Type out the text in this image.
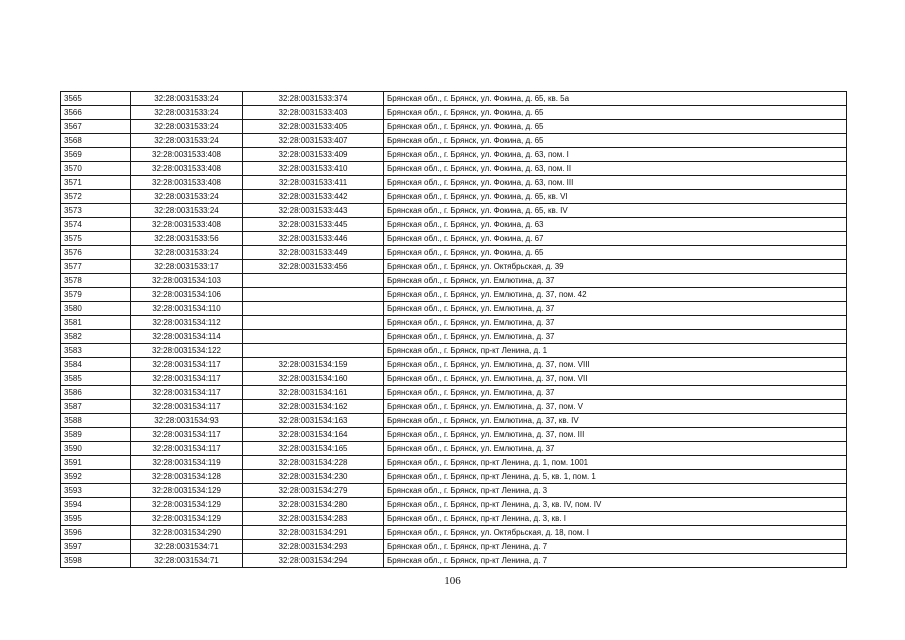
3565	32:28:0031533:24	32:28:0031533:374	Брянская обл., г. Брянск, ул. Фокина, д. 65, кв. 5а
3566	32:28:0031533:24	32:28:0031533:403	Брянская обл., г. Брянск, ул. Фокина, д. 65
3567	32:28:0031533:24	32:28:0031533:405	Брянская обл., г. Брянск, ул. Фокина, д. 65
3568	32:28:0031533:24	32:28:0031533:407	Брянская обл., г. Брянск, ул. Фокина, д. 65
3569	32:28:0031533:408	32:28:0031533:409	Брянская обл., г. Брянск, ул. Фокина, д. 63, пом. I
3570	32:28:0031533:408	32:28:0031533:410	Брянская обл., г. Брянск, ул. Фокина, д. 63, пом. II
3571	32:28:0031533:408	32:28:0031533:411	Брянская обл., г. Брянск, ул. Фокина, д. 63, пом. III
3572	32:28:0031533:24	32:28:0031533:442	Брянская обл., г. Брянск, ул. Фокина, д. 65, кв. VI
3573	32:28:0031533:24	32:28:0031533:443	Брянская обл., г. Брянск, ул. Фокина, д. 65, кв. IV
3574	32:28:0031533:408	32:28:0031533:445	Брянская обл., г. Брянск, ул. Фокина, д. 63
3575	32:28:0031533:56	32:28:0031533:446	Брянская обл., г. Брянск, ул. Фокина, д. 67
3576	32:28:0031533:24	32:28:0031533:449	Брянская обл., г. Брянск, ул. Фокина, д. 65
3577	32:28:0031533:17	32:28:0031533:456	Брянская обл., г. Брянск, ул. Октябрьская, д. 39
3578	32:28:0031534:103		Брянская обл., г. Брянск, ул. Емлютина, д. 37
3579	32:28:0031534:106		Брянская обл., г. Брянск, ул. Емлютина, д. 37, пом. 42
3580	32:28:0031534:110		Брянская обл., г. Брянск, ул. Емлютина, д. 37
3581	32:28:0031534:112		Брянская обл., г. Брянск, ул. Емлютина, д. 37
3582	32:28:0031534:114		Брянская обл., г. Брянск, ул. Емлютина, д. 37
3583	32:28:0031534:122		Брянская обл., г. Брянск, пр-кт Ленина, д. 1
3584	32:28:0031534:117	32:28:0031534:159	Брянская обл., г. Брянск, ул. Емлютина, д. 37, пом. VIII
3585	32:28:0031534:117	32:28:0031534:160	Брянская обл., г. Брянск, ул. Емлютина, д. 37, пом. VII
3586	32:28:0031534:117	32:28:0031534:161	Брянская обл., г. Брянск, ул. Емлютина, д. 37
3587	32:28:0031534:117	32:28:0031534:162	Брянская обл., г. Брянск, ул. Емлютина, д. 37, пом. V
3588	32:28:0031534:93	32:28:0031534:163	Брянская обл., г. Брянск, ул. Емлютина, д. 37, кв. IV
3589	32:28:0031534:117	32:28:0031534:164	Брянская обл., г. Брянск, ул. Емлютина, д. 37, пом. III
3590	32:28:0031534:117	32:28:0031534:165	Брянская обл., г. Брянск, ул. Емлютина, д. 37
3591	32:28:0031534:119	32:28:0031534:228	Брянская обл., г. Брянск, пр-кт Ленина, д. 1, пом. 1001
3592	32:28:0031534:128	32:28:0031534:230	Брянская обл., г. Брянск, пр-кт Ленина, д. 5, кв. 1, пом. 1
3593	32:28:0031534:129	32:28:0031534:279	Брянская обл., г. Брянск, пр-кт Ленина, д. 3
3594	32:28:0031534:129	32:28:0031534:280	Брянская обл., г. Брянск, пр-кт Ленина, д. 3, кв. IV, пом. IV
3595	32:28:0031534:129	32:28:0031534:283	Брянская обл., г. Брянск, пр-кт Ленина, д. 3, кв. I
3596	32:28:0031534:290	32:28:0031534:291	Брянская обл., г. Брянск, ул. Октябрьская, д. 18, пом. I
3597	32:28:0031534:71	32:28:0031534:293	Брянская обл., г. Брянск, пр-кт Ленина, д. 7
3598	32:28:0031534:71	32:28:0031534:294	Брянская обл., г. Брянск, пр-кт Ленина, д. 7
106
